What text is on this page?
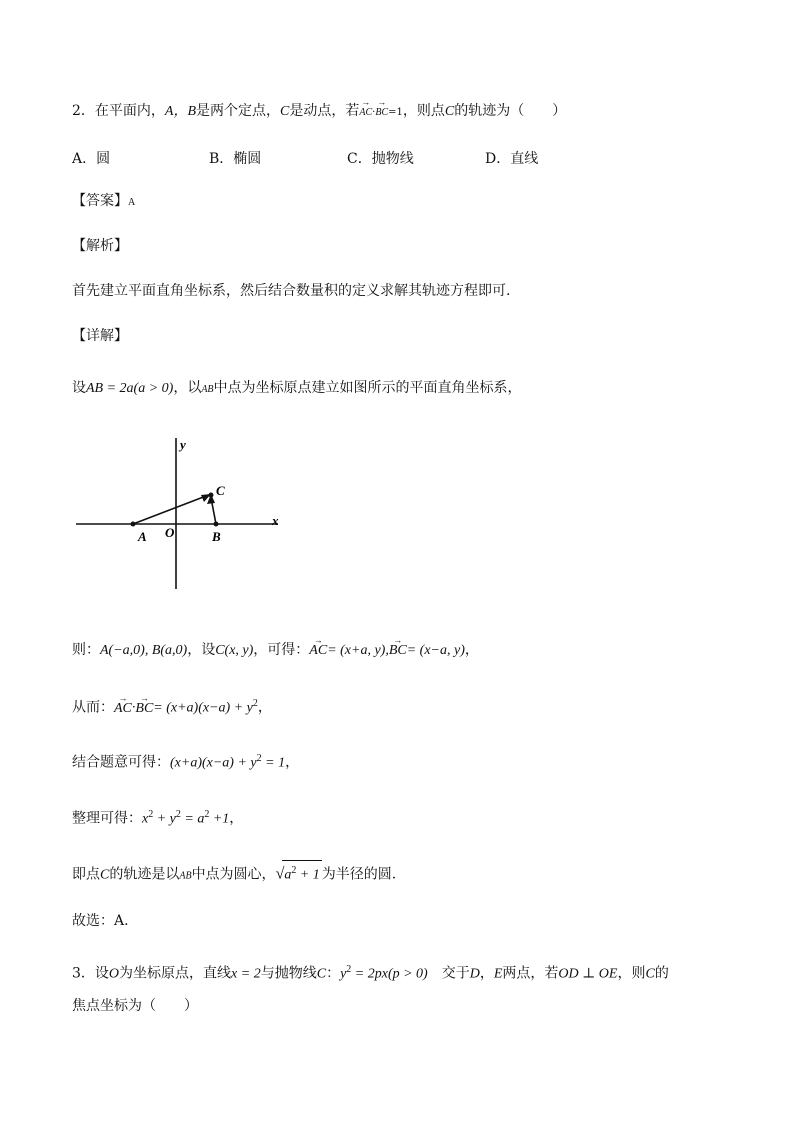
2．在平面内，A，B是两个定点，C是动点，若→ AC·→ BC=1，则点C的轨迹为（　　）
A．圆	B．椭圆	C．抛物线	D．直线
【答案】A
【解析】
首先建立平面直角坐标系，然后结合数量积的定义求解其轨迹方程即可.
【详解】
设AB = 2a(a > 0)，以AB中点为坐标原点建立如图所示的平面直角坐标系，
y
x
A O	B
C
则：A(−a,0), B(a,0)，设C(x, y)，可得：→ AC= (x+a, y),→ BC= (x−a, y)，
从而：→ $AC\cdot\to BC= (x+a)(x-a) + y^2$，
结合题意可得：$(x+a)(x-a) + y^2 = 1$，
整理可得：$x^2 + y^2 = a^2 +1$，
即点C的轨迹是以AB中点为圆心，$√a^2 + 1$ 为半径的圆.
故选：A.
3．设O为坐标原点，直线x = 2与抛物线C：$y^2 = 2px(p > 0)$　 交于D，E两点，若OD ⊥ OE，则C的
焦点坐标为（　　）
